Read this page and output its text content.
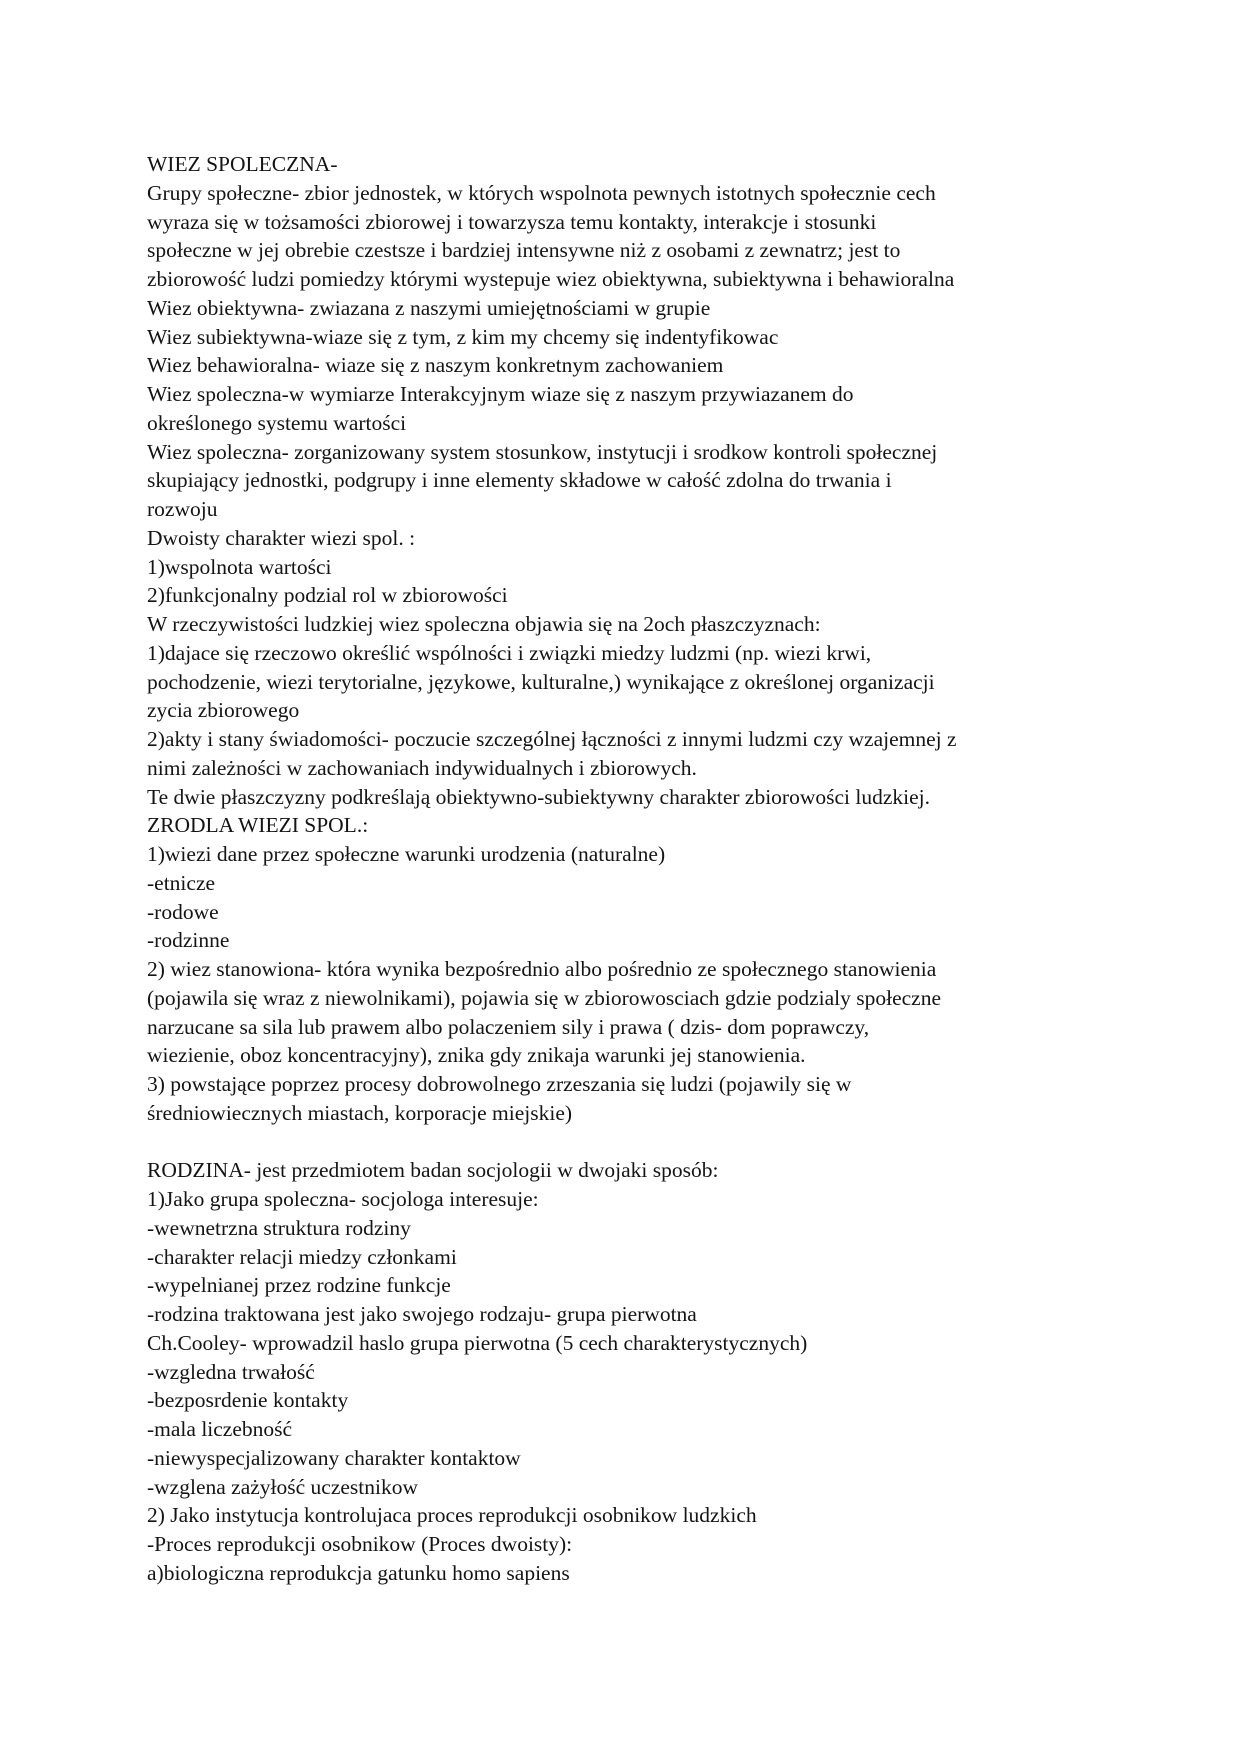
WIEZ SPOLECZNA-
Grupy społeczne- zbior jednostek, w których wspolnota pewnych istotnych społecznie cech
wyraza się w tożsamości zbiorowej i towarzysza temu kontakty, interakcje i stosunki
społeczne w jej obrebie czestsze i bardziej intensywne niż z osobami z zewnatrz; jest to
zbiorowość ludzi pomiedzy którymi wystepuje wiez obiektywna, subiektywna i behawioralna
Wiez obiektywna- zwiazana z naszymi umiejętnościami w grupie
Wiez subiektywna-wiaze się z tym, z kim my chcemy się indentyfikowac
Wiez behawioralna- wiaze się z naszym konkretnym zachowaniem
Wiez spoleczna-w wymiarze Interakcyjnym wiaze się z naszym przywiazanem do
określonego systemu wartości
Wiez spoleczna- zorganizowany system stosunkow, instytucji i srodkow kontroli społecznej
skupiający jednostki, podgrupy i inne elementy składowe w całość zdolna do trwania i
rozwoju
Dwoisty charakter wiezi spol. :
1)wspolnota wartości
2)funkcjonalny podzial rol w zbiorowości
W rzeczywistości ludzkiej wiez spoleczna objawia się na 2och płaszczyznach:
1)dajace się rzeczowo określić wspólności i związki miedzy ludzmi (np. wiezi krwi,
pochodzenie, wiezi terytorialne, językowe, kulturalne,) wynikające z określonej organizacji
zycia zbiorowego
2)akty i stany świadomości- poczucie szczególnej łączności z innymi ludzmi czy wzajemnej z
nimi zależności w zachowaniach indywidualnych i zbiorowych.
Te dwie płaszczyzny podkreślają obiektywno-subiektywny charakter zbiorowości ludzkiej.
ZRODLA WIEZI SPOL.:
1)wiezi dane przez społeczne warunki urodzenia (naturalne)
-etnicze
-rodowe
-rodzinne
2) wiez stanowiona- która wynika bezpośrednio albo pośrednio ze społecznego stanowienia
(pojawila się wraz z niewolnikami), pojawia się w zbiorowosciach gdzie podzialy społeczne
narzucane sa sila lub prawem albo polaczeniem sily i prawa ( dzis- dom poprawczy,
wiezienie, oboz koncentracyjny), znika gdy znikaja warunki jej stanowienia.
3) powstające poprzez procesy dobrowolnego zrzeszania się ludzi (pojawily się w
średniowiecznych miastach, korporacje miejskie)
RODZINA- jest przedmiotem badan socjologii w dwojaki sposób:
1)Jako grupa spoleczna- socjologa interesuje:
-wewnetrzna struktura rodziny
-charakter relacji miedzy członkami
-wypelnianej przez rodzine funkcje
-rodzina traktowana jest jako swojego rodzaju- grupa pierwotna
Ch.Cooley- wprowadzil haslo grupa pierwotna (5 cech charakterystycznych)
-wzgledna trwałość
-bezposrdenie kontakty
-mala liczebność
-niewyspecjalizowany charakter kontaktow
-wzglena zażyłość uczestnikow
2) Jako instytucja kontrolujaca proces reprodukcji osobnikow ludzkich
-Proces reprodukcji osobnikow (Proces dwoisty):
a)biologiczna reprodukcja gatunku homo sapiens
